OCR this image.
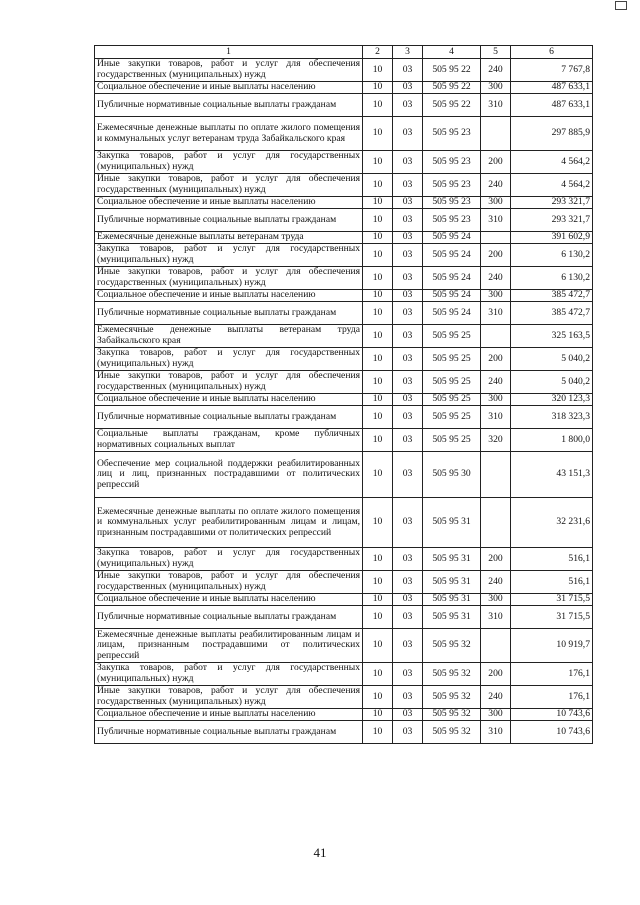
1	2	3	4	5	6
Иные закупки товаров, работ и услуг для обеспечения государственных (муниципальных) нужд	10	03	505 95 22	240	7 767,8
Социальное обеспечение и иные выплаты населению	10	03	505 95 22	300	487 633,1
Публичные нормативные социальные выплаты гражданам	10	03	505 95 22	310	487 633,1
Ежемесячные денежные выплаты по оплате жилого помещения и коммунальных услуг ветеранам труда Забайкальского края	10	03	505 95 23		297 885,9
Закупка товаров, работ и услуг для государственных (муниципальных) нужд	10	03	505 95 23	200	4 564,2
Иные закупки товаров, работ и услуг для обеспечения государственных (муниципальных) нужд	10	03	505 95 23	240	4 564,2
Социальное обеспечение и иные выплаты населению	10	03	505 95 23	300	293 321,7
Публичные нормативные социальные выплаты гражданам	10	03	505 95 23	310	293 321,7
Ежемесячные денежные выплаты ветеранам труда	10	03	505 95 24		391 602,9
Закупка товаров, работ и услуг для государственных (муниципальных) нужд	10	03	505 95 24	200	6 130,2
Иные закупки товаров, работ и услуг для обеспечения государственных (муниципальных) нужд	10	03	505 95 24	240	6 130,2
Социальное обеспечение и иные выплаты населению	10	03	505 95 24	300	385 472,7
Публичные нормативные социальные выплаты гражданам	10	03	505 95 24	310	385 472,7
Ежемесячные денежные выплаты ветеранам труда Забайкальского края	10	03	505 95 25		325 163,5
Закупка товаров, работ и услуг для государственных (муниципальных) нужд	10	03	505 95 25	200	5 040,2
Иные закупки товаров, работ и услуг для обеспечения государственных (муниципальных) нужд	10	03	505 95 25	240	5 040,2
Социальное обеспечение и иные выплаты населению	10	03	505 95 25	300	320 123,3
Публичные нормативные социальные выплаты гражданам	10	03	505 95 25	310	318 323,3
Социальные выплаты гражданам, кроме публичных нормативных социальных выплат	10	03	505 95 25	320	1 800,0
Обеспечение мер социальной поддержки реабилитированных лиц и лиц, признанных пострадавшими от политических репрессий	10	03	505 95 30		43 151,3
Ежемесячные денежные выплаты по оплате жилого помещения и коммунальных услуг реабилитированным лицам и лицам, признанным пострадавшими от политических репрессий	10	03	505 95 31		32 231,6
Закупка товаров, работ и услуг для государственных (муниципальных) нужд	10	03	505 95 31	200	516,1
Иные закупки товаров, работ и услуг для обеспечения государственных (муниципальных) нужд	10	03	505 95 31	240	516,1
Социальное обеспечение и иные выплаты населению	10	03	505 95 31	300	31 715,5
Публичные нормативные социальные выплаты гражданам	10	03	505 95 31	310	31 715,5
Ежемесячные денежные выплаты реабилитированным лицам и лицам, признанным пострадавшими от политических репрессий	10	03	505 95 32		10 919,7
Закупка товаров, работ и услуг для государственных (муниципальных) нужд	10	03	505 95 32	200	176,1
Иные закупки товаров, работ и услуг для обеспечения государственных (муниципальных) нужд	10	03	505 95 32	240	176,1
Социальное обеспечение и иные выплаты населению	10	03	505 95 32	300	10 743,6
Публичные нормативные социальные выплаты гражданам	10	03	505 95 32	310	10 743,6
41
